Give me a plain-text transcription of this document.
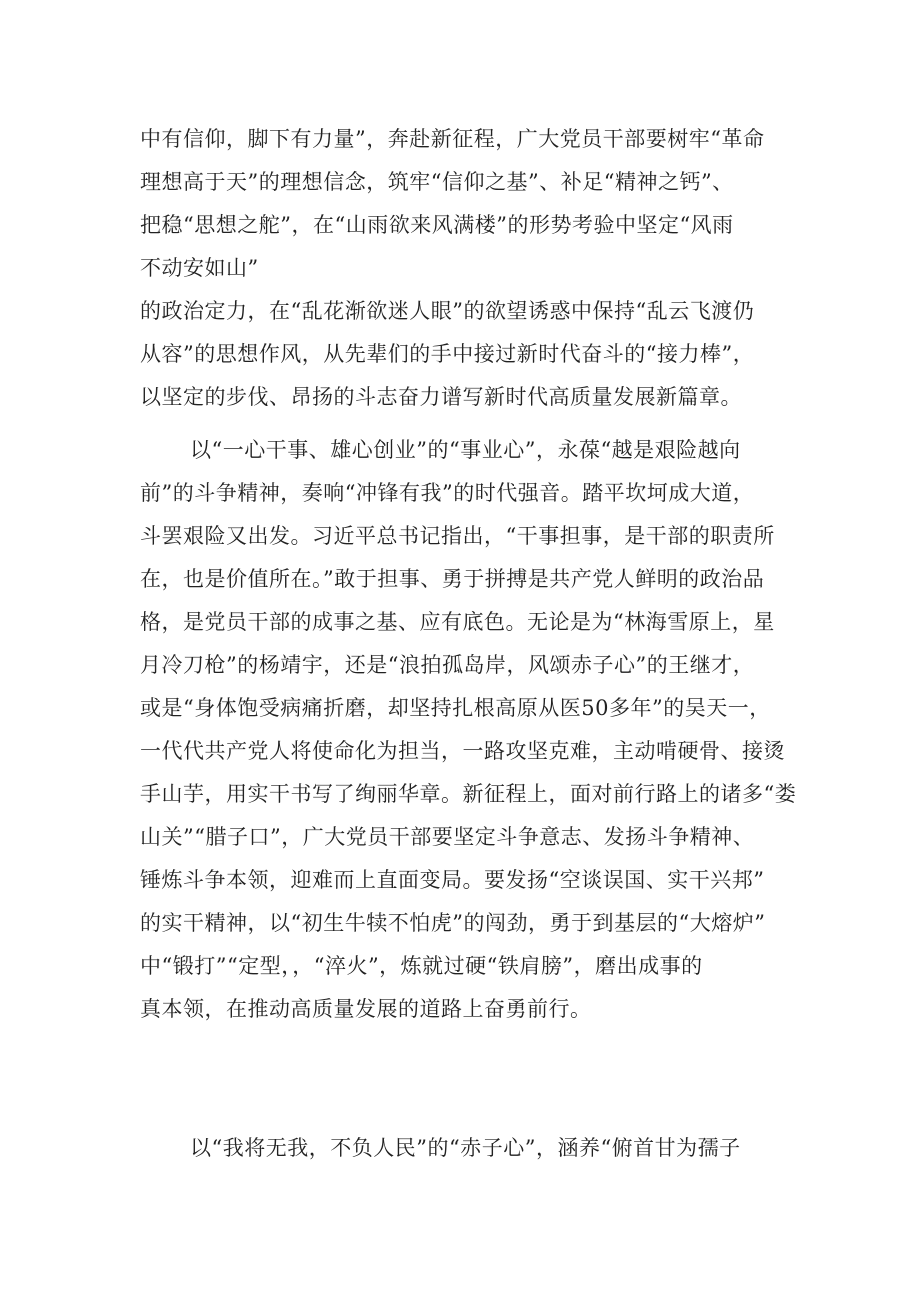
中有信仰，脚下有力量”，奔赴新征程，广大党员干部要树牢“革命
理想高于天”的理想信念，筑牢“信仰之基”、补足“精神之钙”、
把稳“思想之舵”，在“山雨欲来风满楼”的形势考验中坚定“风雨
不动安如山”
的政治定力，在“乱花渐欲迷人眼”的欲望诱惑中保持“乱云飞渡仍
从容”的思想作风，从先辈们的手中接过新时代奋斗的“接力棒”，
以坚定的步伐、昂扬的斗志奋力谱写新时代高质量发展新篇章。
以“一心干事、雄心创业”的“事业心”，永葆“越是艰险越向
前”的斗争精神，奏响“冲锋有我”的时代强音。踏平坎坷成大道，
斗罢艰险又出发。习近平总书记指出，“干事担事，是干部的职责所
在，也是价值所在。”敢于担事、勇于拼搏是共产党人鲜明的政治品
格，是党员干部的成事之基、应有底色。无论是为“林海雪原上，星
月冷刀枪”的杨靖宇，还是“浪拍孤岛岸，风颂赤子心”的王继才，
或是“身体饱受病痛折磨，却坚持扎根高原从医50多年”的吴天一，
一代代共产党人将使命化为担当，一路攻坚克难，主动啃硬骨、接烫
手山芋，用实干书写了绚丽华章。新征程上，面对前行路上的诸多“娄
山关”“腊子口”，广大党员干部要坚定斗争意志、发扬斗争精神、
锤炼斗争本领，迎难而上直面变局。要发扬“空谈误国、实干兴邦”
的实干精神，以“初生牛犊不怕虎”的闯劲，勇于到基层的“大熔炉”
中“锻打”“定型，，“淬火”，炼就过硬“铁肩膀”，磨出成事的
真本领，在推动高质量发展的道路上奋勇前行。
以“我将无我，不负人民”的“赤子心”，涵养“俯首甘为孺子
